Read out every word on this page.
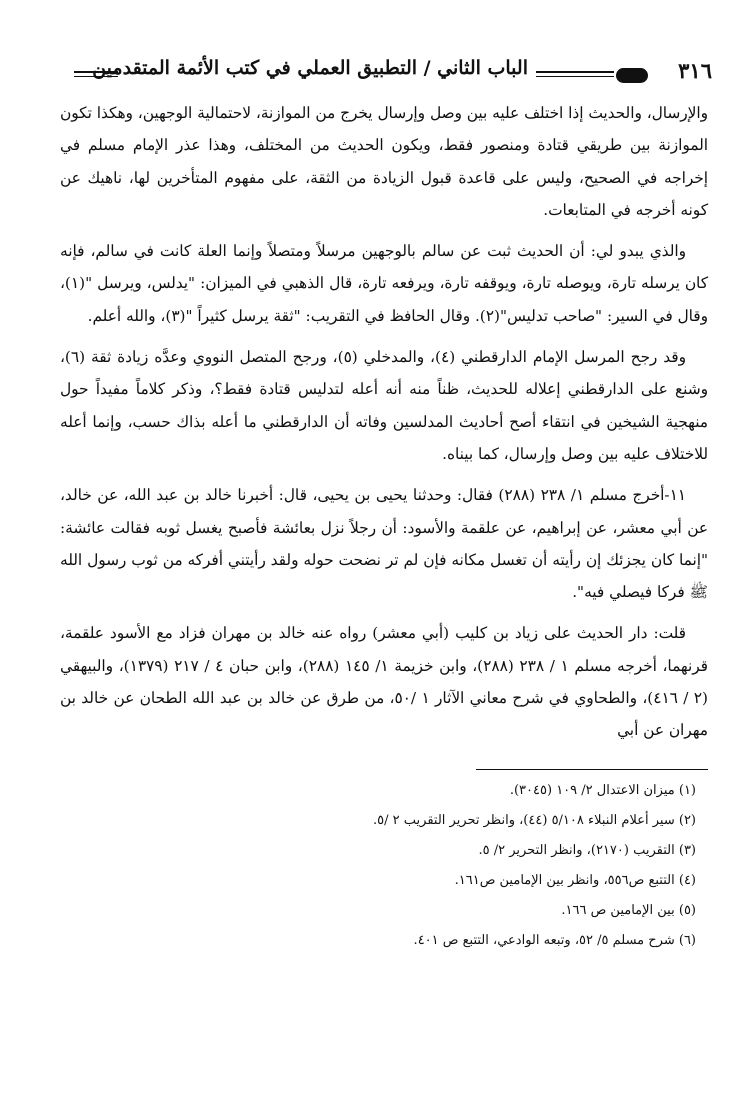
٣١٦
الباب الثاني / التطبيق العملي في كتب الأئمة المتقدمين

والإرسال، والحديث إذا اختلف عليه بين وصل وإرسال يخرج من الموازنة، لاحتمالية الوجهين، وهكذا تكون الموازنة بين طريقي قتادة ومنصور فقط، ويكون الحديث من المختلف، وهذا عذر الإمام مسلم في إخراجه في الصحيح، وليس على قاعدة قبول الزيادة من الثقة، على مفهوم المتأخرين لها، ناهيك عن كونه أخرجه في المتابعات.

والذي يبدو لي: أن الحديث ثبت عن سالم بالوجهين مرسلاً ومتصلاً وإنما العلة كانت في سالم، فإنه كان يرسله تارة، ويوصله تارة، ويوقفه تارة، ويرفعه تارة، قال الذهبي في الميزان: "يدلس، ويرسل "(١)، وقال في السير: "صاحب تدليس"(٢). وقال الحافظ في التقريب: "ثقة يرسل كثيراً "(٣)، والله أعلم.

وقد رجح المرسل الإمام الدارقطني (٤)، والمدخلي (٥)، ورجح المتصل النووي وعدَّه زيادة ثقة (٦)، وشنع على الدارقطني إعلاله للحديث، ظناً منه أنه أعله لتدليس قتادة فقط؟، وذكر كلاماً مفيداً حول منهجية الشيخين في انتقاء أصح أحاديث المدلسين وفاته أن الدارقطني ما أعله بذاك حسب، وإنما أعله للاختلاف عليه بين وصل وإرسال، كما بيناه.

١١-أخرج مسلم ١/ ٢٣٨ (٢٨٨) فقال: وحدثنا يحيى بن يحيى، قال: أخبرنا خالد بن عبد الله، عن خالد، عن أبي معشر، عن إبراهيم، عن علقمة والأسود: أن رجلاً نزل بعائشة فأصبح يغسل ثوبه فقالت عائشة: "إنما كان يجزئك إن رأيته أن تغسل مكانه فإن لم تر نضحت حوله ولقد رأيتني أفركه من ثوب رسول الله ﷺ فركا فيصلي فيه".

قلت: دار الحديث على زياد بن كليب (أبي معشر) رواه عنه خالد بن مهران فزاد مع الأسود علقمة، قرنهما، أخرجه مسلم ١ / ٢٣٨ (٢٨٨)، وابن خزيمة ١/ ١٤٥ (٢٨٨)، وابن حبان ٤ / ٢١٧ (١٣٧٩)، والبيهقي (٢ / ٤١٦)، والطحاوي في شرح معاني الآثار ١ /٥٠، من طرق عن خالد بن عبد الله الطحان عن خالد بن مهران عن أبي

(١) ميزان الاعتدال ٢/ ١٠٩ (٣٠٤٥).
(٢) سير أعلام النبلاء ٥/١٠٨ (٤٤)، وانظر تحرير التقريب ٢ /٥.
(٣) التقريب (٢١٧٠)، وانظر التحرير ٢/ ٥.
(٤) التتبع ص٥٥٦، وانظر بين الإمامين ص١٦١.
(٥) بين الإمامين ص ١٦٦.
(٦) شرح مسلم ٥/ ٥٢، وتبعه الوادعي، التتبع ص ٤٠١.
